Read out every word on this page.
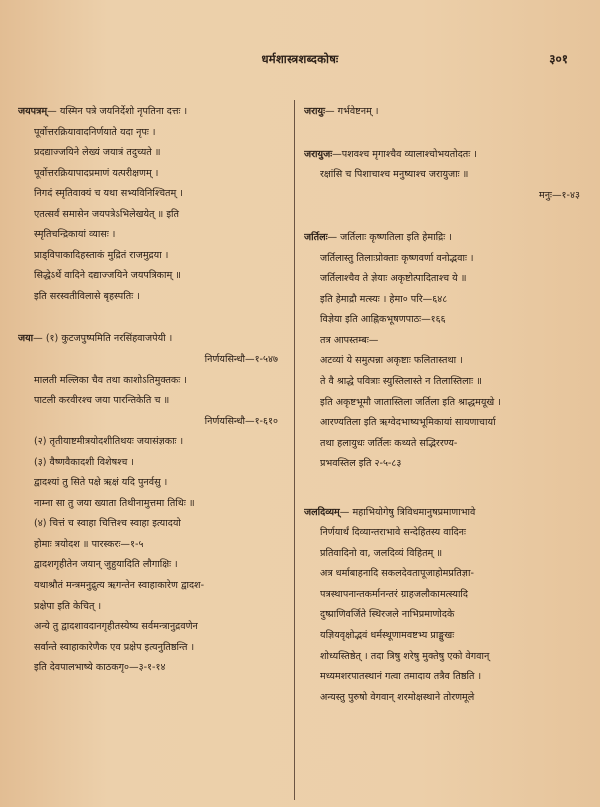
धर्मशास्त्रशब्दकोषः	३०१
जयपत्रम्— यस्मिन पत्रे जयनिर्देशो नृपतिना दत्तः ।
पूर्वोत्तरक्रियावादनिर्णयाते यदा नृपः ।
प्रदद्याज्जयिने लेख्यं जयात्रं तदुच्यते ॥
पूर्वोत्तरक्रियापादप्रमाणं यत्परीक्षणम् ।
निगदं स्मृतिवाक्यं च यथा सभ्यविनिश्चितम् ।
एतत्सर्वं समासेन जयपत्रेऽभिलेखयेत् ॥ इति
स्मृतिचन्द्रिकायां व्यासः ।
प्राड्विपाकादिहस्ताकं मुद्रितं राजमुद्रया ।
सिद्धेऽर्थे वादिने दद्याज्जयिने जयपत्रिकाम् ॥
इति सरस्वतीविलासे बृहस्पतिः ।
जया— (१) कुटजपुष्पमिति नरसिंहवाजपेयी ।
निर्णयसिन्धौ—१-५४७
मालती मल्लिका चैव तथा काशोऽतिमुक्तकः ।
पाटली करवीरश्च जया पारन्तिकेति च ॥
निर्णयसिन्धौ—१-६१०
(२) तृतीयाष्टमीत्रयोदशीतिथयः जयासंज्ञकाः ।
(३) वैष्णवैकादशी विशेषश्च ।
द्वादश्यां तु सिते पक्षे ऋक्षं यदि पुनर्वसु ।
नाम्ना सा तु जया ख्याता तिथीनामुत्तमा तिथिः ॥
(४) चित्तं च स्वाहा चित्तिश्च स्वाहा इत्यादयो
होमाः त्रयोदश ॥ पारस्करः—१-५
द्वादशगृहीतेन जयान् जुहुयादिति लौगाक्षिः ।
यथाश्रौतं मन्त्रमनुद्रुत्य ऋगन्तेन स्वाहाकारेण द्वादश-
प्रक्षेपा इति केचित् ।
अन्ये तु द्वादशावदानगृहीतस्येष्य सर्वमन्त्रानुद्रवणेन
सर्वान्ते स्वाहाकारेणैक एव प्रक्षेप इत्यनुतिष्ठन्ति ।
इति देवपालभाष्ये काठकगृ०—३-१-१४
जरायुः— गर्भवेष्टनम् ।
जरायुजः—पशवश्च मृगाश्चैव व्यालाश्चोभयतोदतः ।
रक्षांसि च पिशाचाश्च मनुष्याश्च जरायुजाः ॥
मनुः—१-४३
जर्तिलः— जर्तिलाः कृष्णतिला इति हेमाद्रिः ।
जर्तिलास्तु तिलाःप्रोक्ताः कृष्णवर्णा वनोद्भवाः ।
जर्तिलाश्चैव ते ज्ञेयाः अकृष्टोत्पादिताश्च ये ॥
इति हेमाद्रौ मत्स्यः । हेमा० परि—६४८
विज्ञेया इति आह्निकभूषणपाठः—१६६
तत्र आपस्तम्बः—
अटव्यां ये समुत्पन्ना अकृष्टाः फलितास्तथा ।
ते वै श्राद्धे पवित्राः स्युस्तिलास्ते न तिलास्तिलाः ॥
इति अकृष्टभूमौ जातास्तिला जर्तिला इति श्राद्धमयूखे ।
आरण्यतिला इति ऋग्वेदभाष्यभूमिकायां सायणाचार्या
तथा हलायुधः जर्तिलः कथ्यते सद्भिररण्य-
प्रभवस्तिल इति २-५-८३
जलदिव्यम्— महाभियोगेषु त्रिविधमानुषप्रमाणाभावे
निर्णयार्थं दिव्यान्तराभावे सन्देहितस्य वादिनः
प्रतिवादिनो वा, जलदिव्यं विहितम् ॥
अत्र धर्माबाहनादि सकलदेवतापूजाहोमप्रतिज्ञा-
पत्रस्थापनान्तकर्मानन्तरं ग्राहजलौकामत्स्यादि
दुष्प्राणिवर्जिते स्थिरजले नाभिप्रमाणोदके
यज्ञियवृक्षोद्भवं धर्मस्थूणामवष्टभ्य प्राङ्मुखः
शोध्यस्तिष्ठेत् । तदा त्रिषु शरेषु मुक्तेषु एको वेगवान्
मध्यमशरपातस्थानं गत्वा तमादाय तत्रैव तिष्ठति ।
अन्यस्तु पुरुषो वेगवान् शरमोक्षस्थाने तोरणमूले
